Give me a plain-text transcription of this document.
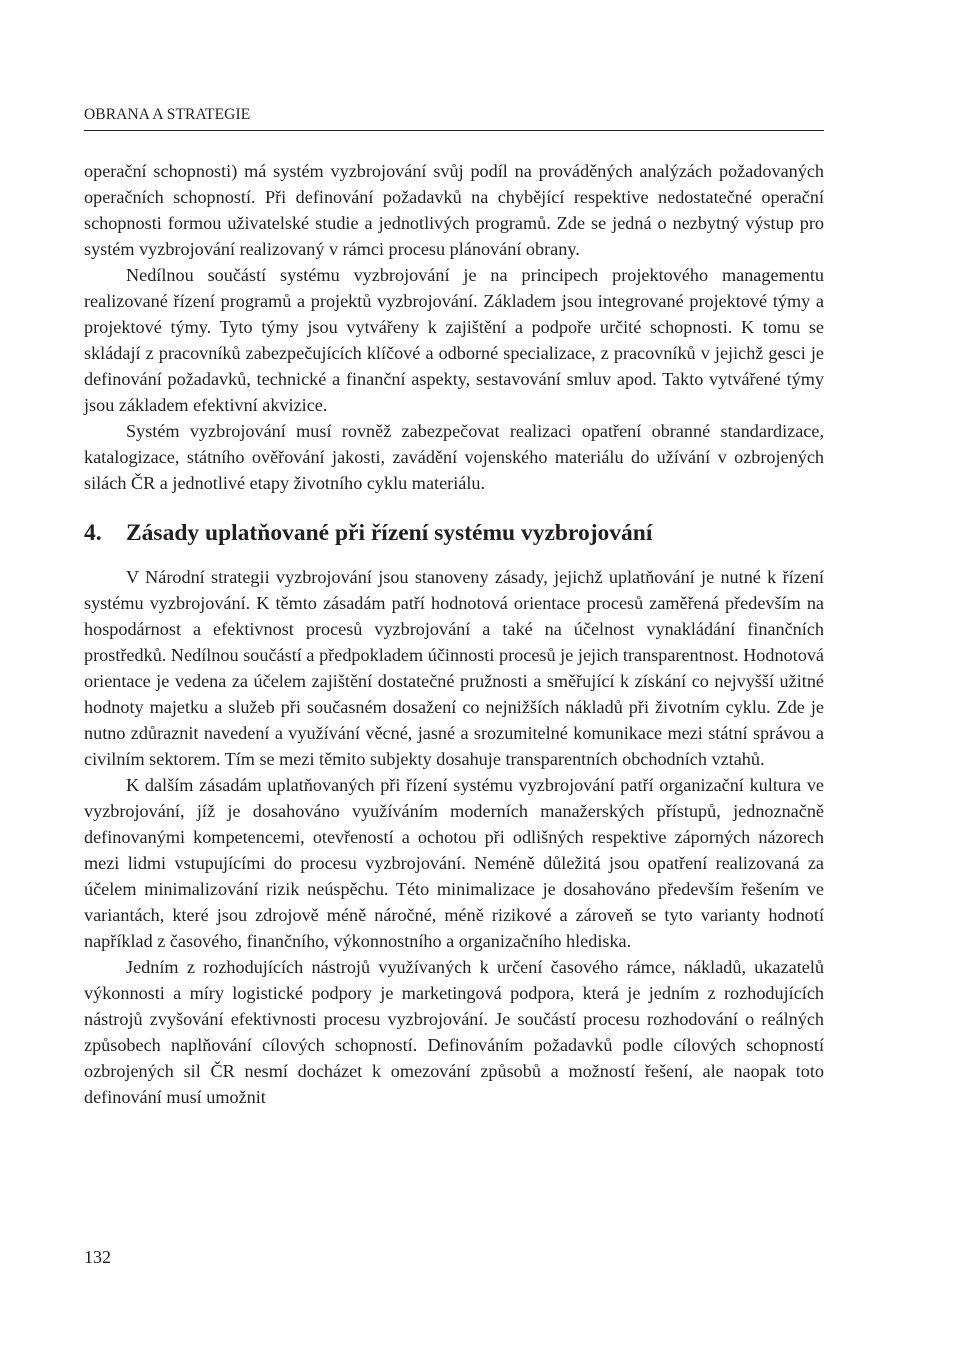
OBRANA A STRATEGIE

operační schopnosti) má systém vyzbrojování svůj podíl na prováděných analýzách požadovaných operačních schopností. Při definování požadavků na chybějící respektive nedostatečné operační schopnosti formou uživatelské studie a jednotlivých programů. Zde se jedná o nezbytný výstup pro systém vyzbrojování realizovaný v rámci procesu plánování obrany.

Nedílnou součástí systému vyzbrojování je na principech projektového managementu realizované řízení programů a projektů vyzbrojování. Základem jsou integrované projektové týmy a projektové týmy. Tyto týmy jsou vytvářeny k zajištění a podpoře určité schopnosti. K tomu se skládají z pracovníků zabezpečujících klíčové a odborné specializace, z pracovníků v jejichž gesci je definování požadavků, technické a finanční aspekty, sestavování smluv apod. Takto vytvářené týmy jsou základem efektivní akvizice.

Systém vyzbrojování musí rovněž zabezpečovat realizaci opatření obranné standardizace, katalogizace, státního ověřování jakosti, zavádění vojenského materiálu do užívání v ozbrojených silách ČR a jednotlivé etapy životního cyklu materiálu.

4.	Zásady uplatňované při řízení systému vyzbrojování

V Národní strategii vyzbrojování jsou stanoveny zásady, jejichž uplatňování je nutné k řízení systému vyzbrojování. K těmto zásadám patří hodnotová orientace procesů zaměřená především na hospodárnost a efektivnost procesů vyzbrojování a také na účelnost vynakládání finančních prostředků. Nedílnou součástí a předpokladem účinnosti procesů je jejich transparentnost. Hodnotová orientace je vedena za účelem zajištění dostatečné pružnosti a směřující k získání co nejvyšší užitné hodnoty majetku a služeb při současném dosažení co nejnižších nákladů při životním cyklu. Zde je nutno zdůraznit navedení a využívání věcné, jasné a srozumitelné komunikace mezi státní správou a civilním sektorem. Tím se mezi těmito subjekty dosahuje transparentních obchodních vztahů.

K dalším zásadám uplatňovaných při řízení systému vyzbrojování patří organizační kultura ve vyzbrojování, jíž je dosahováno využíváním moderních manažerských přístupů, jednoznačně definovanými kompetencemi, otevřeností a ochotou při odlišných respektive záporných názorech mezi lidmi vstupujícími do procesu vyzbrojování. Neméně důležitá jsou opatření realizovaná za účelem minimalizování rizik neúspěchu. Této minimalizace je dosahováno především řešením ve variantách, které jsou zdrojově méně náročné, méně rizikové a zároveň se tyto varianty hodnotí například z časového, finančního, výkonnostního a organizačního hlediska.

Jedním z rozhodujících nástrojů využívaných k určení časového rámce, nákladů, ukazatelů výkonnosti a míry logistické podpory je marketingová podpora, která je jedním z rozhodujících nástrojů zvyšování efektivnosti procesu vyzbrojování. Je součástí procesu rozhodování o reálných způsobech naplňování cílových schopností. Definováním požadavků podle cílových schopností ozbrojených sil ČR nesmí docházet k omezování způsobů a možností řešení, ale naopak toto definování musí umožnit

132
